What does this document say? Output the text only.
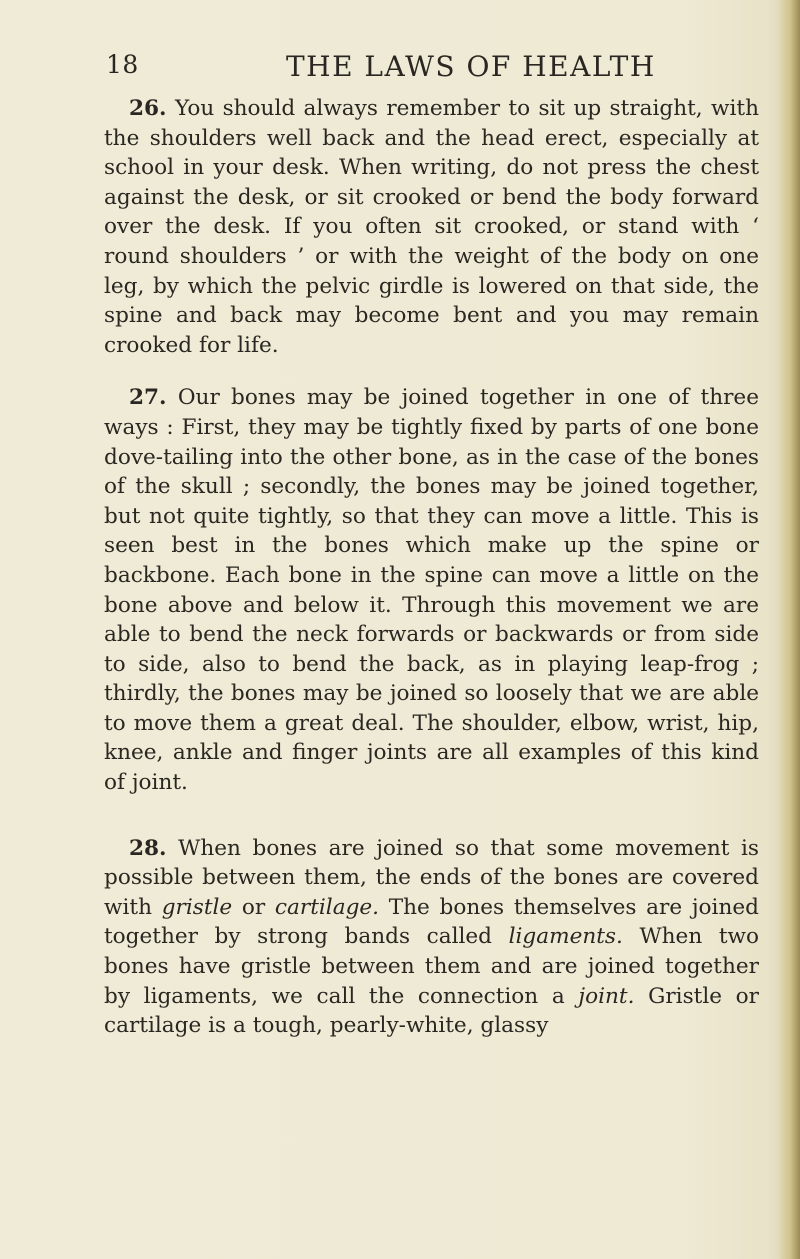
18	THE LAWS OF HEALTH

26. You should always remember to sit up straight, with the shoulders well back and the head erect, especially at school in your desk. When writing, do not press the chest against the desk, or sit crooked or bend the body forward over the desk. If you often sit crooked, or stand with ‘ round shoulders ’ or with the weight of the body on one leg, by which the pelvic girdle is lowered on that side, the spine and back may become bent and you may remain crooked for life.

27. Our bones may be joined together in one of three ways : First, they may be tightly fixed by parts of one bone dove-tailing into the other bone, as in the case of the bones of the skull ; secondly, the bones may be joined together, but not quite tightly, so that they can move a little. This is seen best in the bones which make up the spine or backbone. Each bone in the spine can move a little on the bone above and below it. Through this movement we are able to bend the neck forwards or backwards or from side to side, also to bend the back, as in playing leap-frog ; thirdly, the bones may be joined so loosely that we are able to move them a great deal. The shoulder, elbow, wrist, hip, knee, ankle and finger joints are all examples of this kind of joint.

28. When bones are joined so that some movement is possible between them, the ends of the bones are covered with gristle or cartilage. The bones themselves are joined together by strong bands called ligaments. When two bones have gristle between them and are joined together by ligaments, we call the connection a joint. Gristle or cartilage is a tough, pearly-white, glassy
